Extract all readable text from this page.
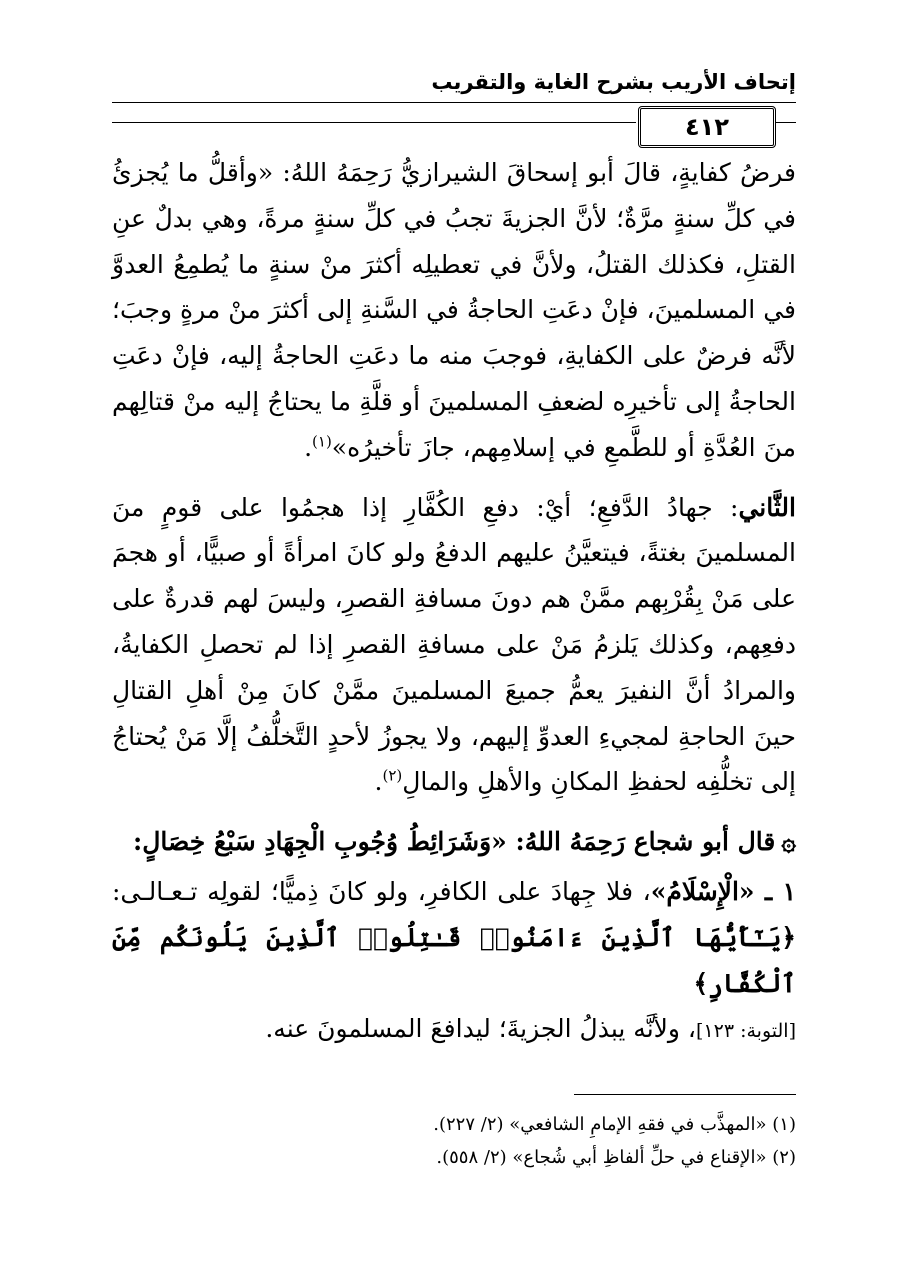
إتحاف الأريب بشرح الغاية والتقريب
٤١٢

فرضُ كفايةٍ، قالَ أبو إسحاقَ الشيرازيُّ رَحِمَهُ اللهُ: «وأقلُّ ما يُجزئُ في كلِّ سنةٍ مرَّةٌ؛ لأنَّ الجزيةَ تجبُ في كلِّ سنةٍ مرةً، وهي بدلٌ عنِ القتلِ، فكذلك القتلُ، ولأنَّ في تعطيلِه أكثرَ منْ سنةٍ ما يُطمِعُ العدوَّ في المسلمينَ، فإنْ دعَتِ الحاجةُ في السَّنةِ إلى أكثرَ منْ مرةٍ وجبَ؛ لأنَّه فرضٌ على الكفايةِ، فوجبَ منه ما دعَتِ الحاجةُ إليه، فإنْ دعَتِ الحاجةُ إلى تأخيرِه لضعفِ المسلمينَ أو قلَّةِ ما يحتاجُ إليه منْ قتالِهم منَ العُدَّةِ أو للطَّمعِ في إسلامِهم، جازَ تأخيرُه»$^{(١)}$.

الثَّاني: جهادُ الدَّفعِ؛ أيْ: دفعِ الكُفَّارِ إذا هجمُوا على قومٍ منَ المسلمينَ بغتةً، فيتعيَّنُ عليهم الدفعُ ولو كانَ امرأةً أو صبيًّا، أو هجمَ على مَنْ بِقُرْبِهم ممَّنْ هم دونَ مسافةِ القصرِ، وليسَ لهم قدرةٌ على دفعِهم، وكذلك يَلزمُ مَنْ على مسافةِ القصرِ إذا لم تحصلِ الكفايةُ، والمرادُ أنَّ النفيرَ يعمُّ جميعَ المسلمينَ ممَّنْ كانَ مِنْ أهلِ القتالِ حينَ الحاجةِ لمجيءِ العدوِّ إليهم، ولا يجوزُ لأحدٍ التَّخلُّفُ إلَّا مَنْ يُحتاجُ إلى تخلُّفِه لحفظِ المكانِ والأهلِ والمالِ$^{(٢)}$.

۞قال أبو شجاع رَحِمَهُ اللهُ: «وَشَرَائِطُ وُجُوبِ الْجِهَادِ سَبْعُ خِصَالٍ:

١ ـ «الْإِسْلَامُ»، فلا جِهادَ على الكافرِ، ولو كانَ ذِميًّا؛ لقولِه تـعـالـى: ﴿يَـٰٓأَيُّهَا ٱلَّذِينَ ءَامَنُوا۟ قَـٰتِلُوا۟ ٱلَّذِينَ يَلُونَكُم مِّنَ ٱلْكُفَّارِ﴾
[التوبة: ١٢٣]، ولأنَّه يبذلُ الجزيةَ؛ ليدافعَ المسلمونَ عنه.

(١) «المهذَّب في فقهِ الإمامِ الشافعي» (٢/ ٢٢٧).
(٢) «الإقناع في حلِّ ألفاظِ أبي شُجاع» (٢/ ٥٥٨).
